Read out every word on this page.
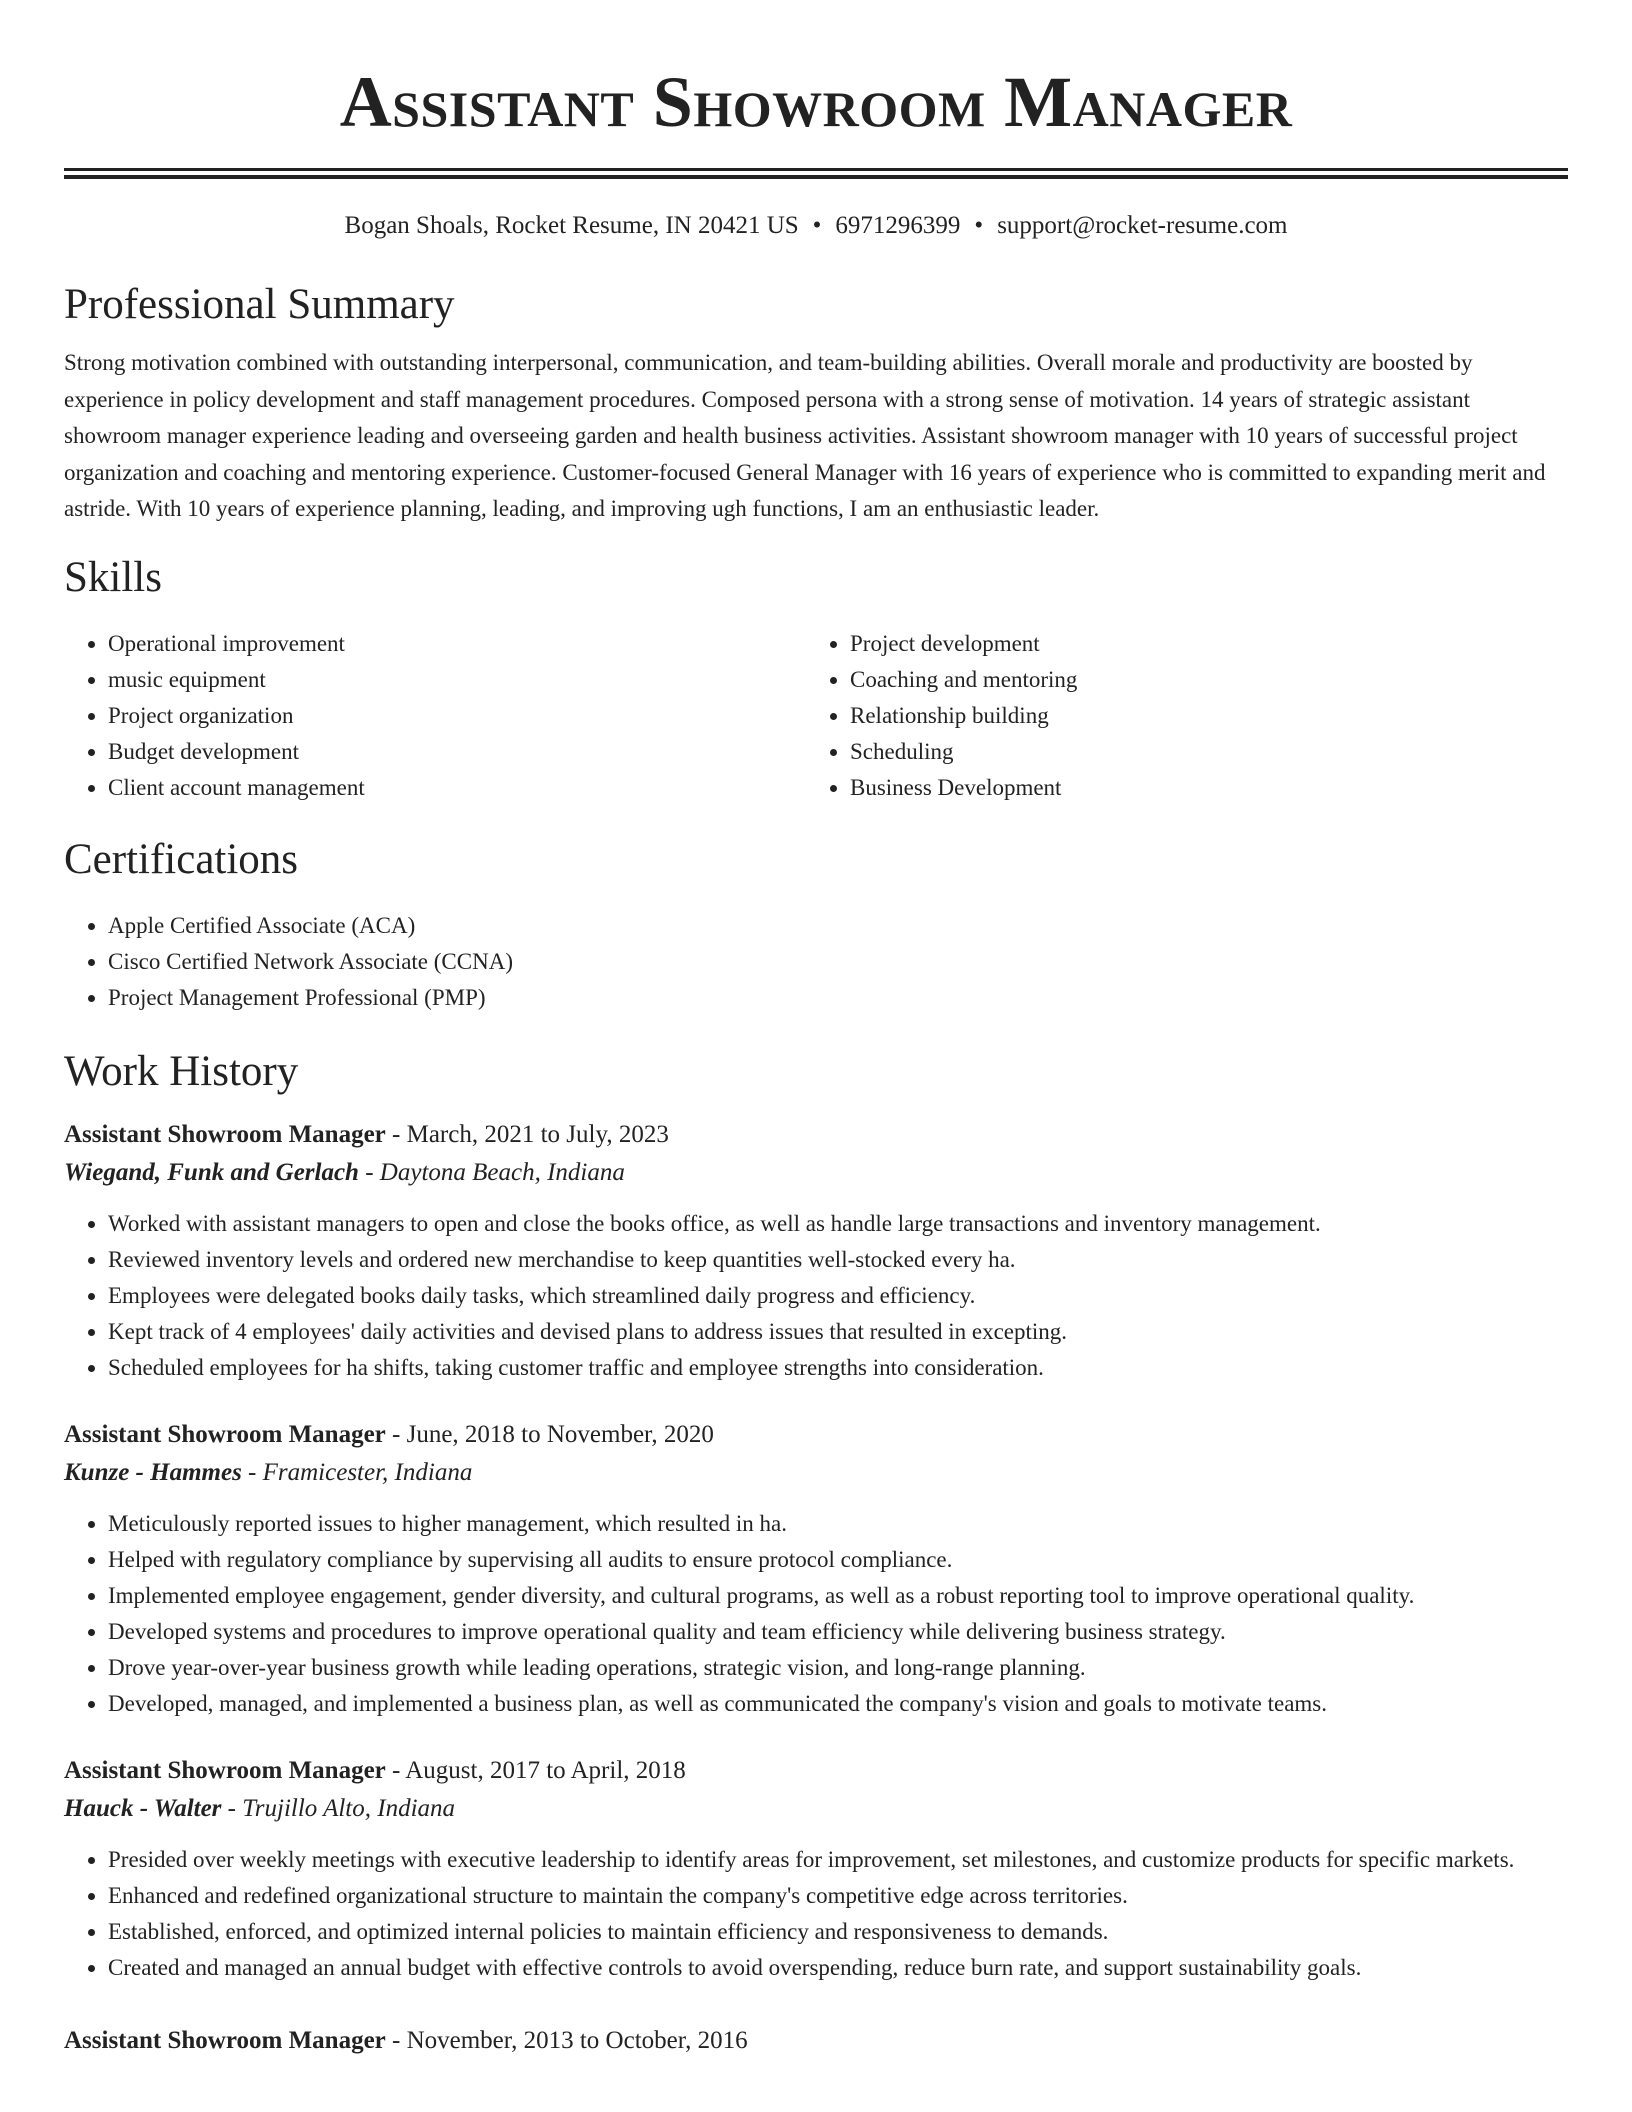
Assistant Showroom Manager
Bogan Shoals, Rocket Resume, IN 20421 US • 6971296399 • support@rocket-resume.com
Professional Summary
Strong motivation combined with outstanding interpersonal, communication, and team-building abilities. Overall morale and productivity are boosted by experience in policy development and staff management procedures. Composed persona with a strong sense of motivation. 14 years of strategic assistant showroom manager experience leading and overseeing garden and health business activities. Assistant showroom manager with 10 years of successful project organization and coaching and mentoring experience. Customer-focused General Manager with 16 years of experience who is committed to expanding merit and astride. With 10 years of experience planning, leading, and improving ugh functions, I am an enthusiastic leader.
Skills
• Operational improvement
• music equipment
• Project organization
• Budget development
• Client account management
• Project development
• Coaching and mentoring
• Relationship building
• Scheduling
• Business Development
Certifications
• Apple Certified Associate (ACA)
• Cisco Certified Network Associate (CCNA)
• Project Management Professional (PMP)
Work History
Assistant Showroom Manager - March, 2021 to July, 2023
Wiegand, Funk and Gerlach - Daytona Beach, Indiana
• Worked with assistant managers to open and close the books office, as well as handle large transactions and inventory management.
• Reviewed inventory levels and ordered new merchandise to keep quantities well-stocked every ha.
• Employees were delegated books daily tasks, which streamlined daily progress and efficiency.
• Kept track of 4 employees' daily activities and devised plans to address issues that resulted in excepting.
• Scheduled employees for ha shifts, taking customer traffic and employee strengths into consideration.
Assistant Showroom Manager - June, 2018 to November, 2020
Kunze - Hammes - Framicester, Indiana
• Meticulously reported issues to higher management, which resulted in ha.
• Helped with regulatory compliance by supervising all audits to ensure protocol compliance.
• Implemented employee engagement, gender diversity, and cultural programs, as well as a robust reporting tool to improve operational quality.
• Developed systems and procedures to improve operational quality and team efficiency while delivering business strategy.
• Drove year-over-year business growth while leading operations, strategic vision, and long-range planning.
• Developed, managed, and implemented a business plan, as well as communicated the company's vision and goals to motivate teams.
Assistant Showroom Manager - August, 2017 to April, 2018
Hauck - Walter - Trujillo Alto, Indiana
• Presided over weekly meetings with executive leadership to identify areas for improvement, set milestones, and customize products for specific markets.
• Enhanced and redefined organizational structure to maintain the company's competitive edge across territories.
• Established, enforced, and optimized internal policies to maintain efficiency and responsiveness to demands.
• Created and managed an annual budget with effective controls to avoid overspending, reduce burn rate, and support sustainability goals.
Assistant Showroom Manager - November, 2013 to October, 2016
